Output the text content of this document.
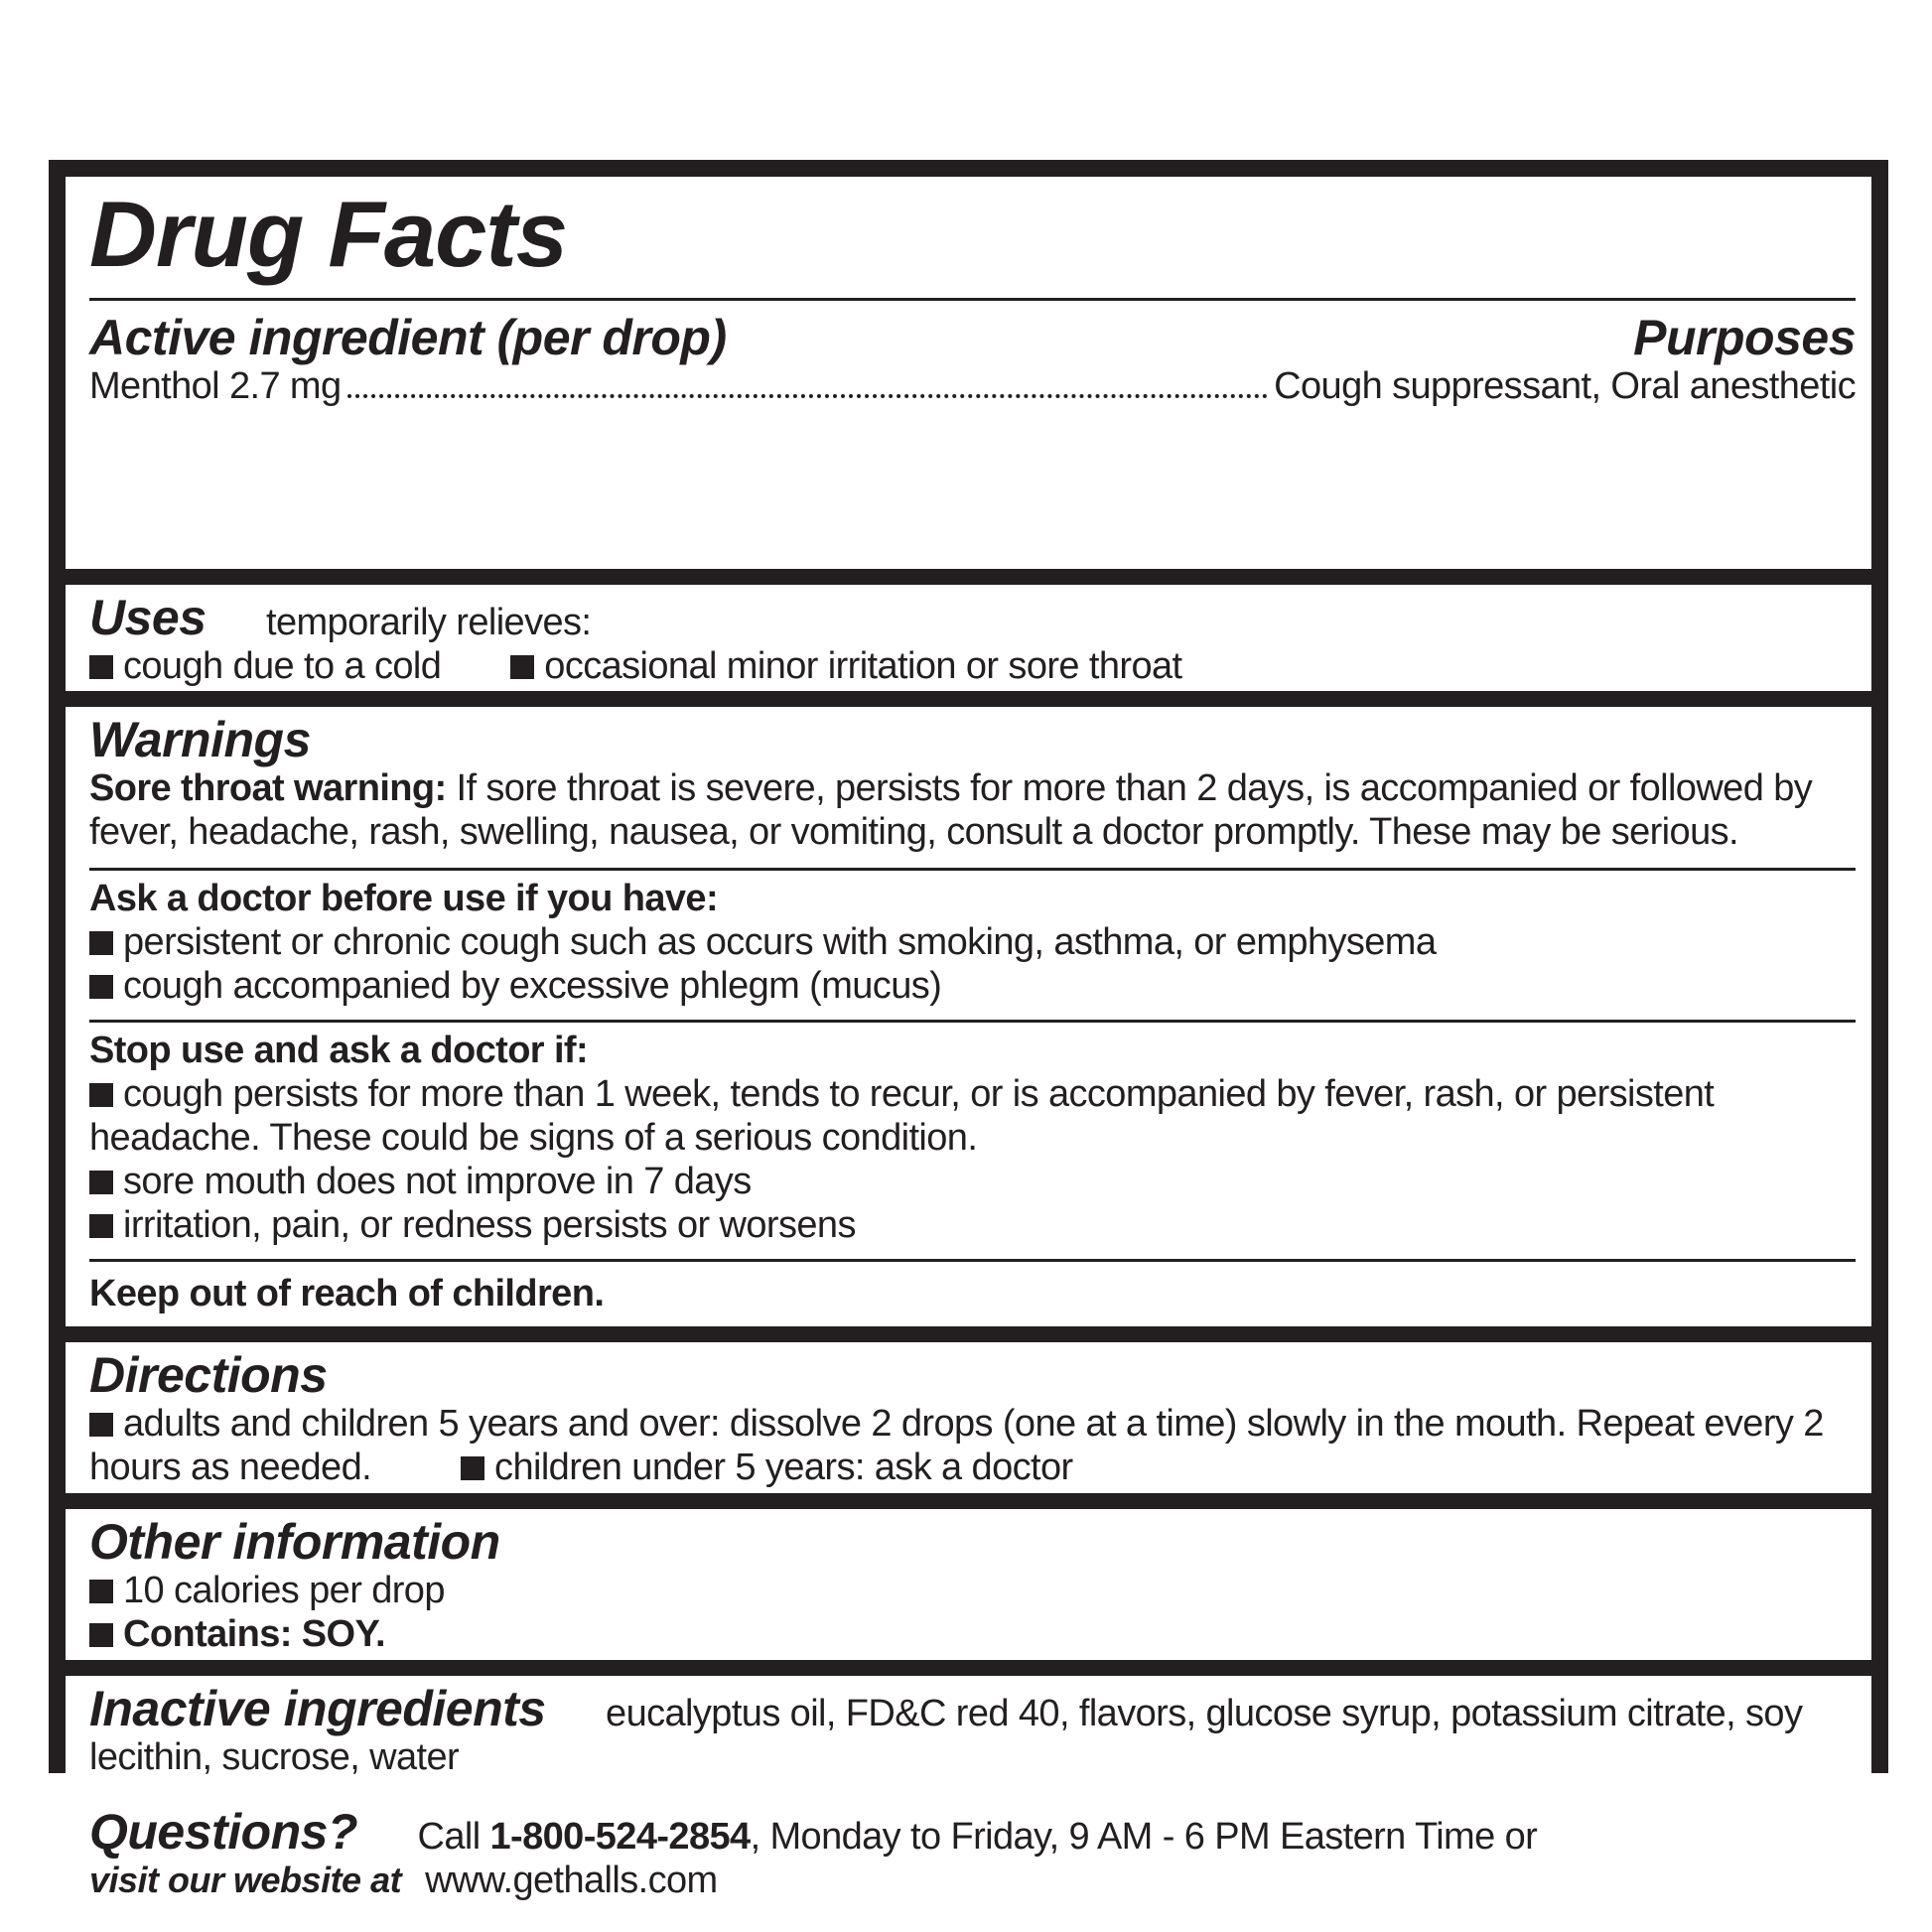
Drug Facts
Active ingredient (per drop)	Purposes
Menthol 2.7 mg	Cough suppressant, Oral anesthetic
Uses temporarily relieves:
cough due to a cold	occasional minor irritation or sore throat
Warnings
Sore throat warning: If sore throat is severe, persists for more than 2 days, is accompanied or followed by
fever, headache, rash, swelling, nausea, or vomiting, consult a doctor promptly. These may be serious.
Ask a doctor before use if you have:
persistent or chronic cough such as occurs with smoking, asthma, or emphysema
cough accompanied by excessive phlegm (mucus)
Stop use and ask a doctor if:
cough persists for more than 1 week, tends to recur, or is accompanied by fever, rash, or persistent
headache. These could be signs of a serious condition.
sore mouth does not improve in 7 days
irritation, pain, or redness persists or worsens
Keep out of reach of children.
Directions
adults and children 5 years and over: dissolve 2 drops (one at a time) slowly in the mouth. Repeat every 2
hours as needed.	children under 5 years: ask a doctor
Other information
10 calories per drop
Contains: SOY.
Inactive ingredients eucalyptus oil, FD&C red 40, flavors, glucose syrup, potassium citrate, soy
lecithin, sucrose, water
Questions? Call 1-800-524-2854, Monday to Friday, 9 AM - 6 PM Eastern Time or
visit our website at www.gethalls.com
